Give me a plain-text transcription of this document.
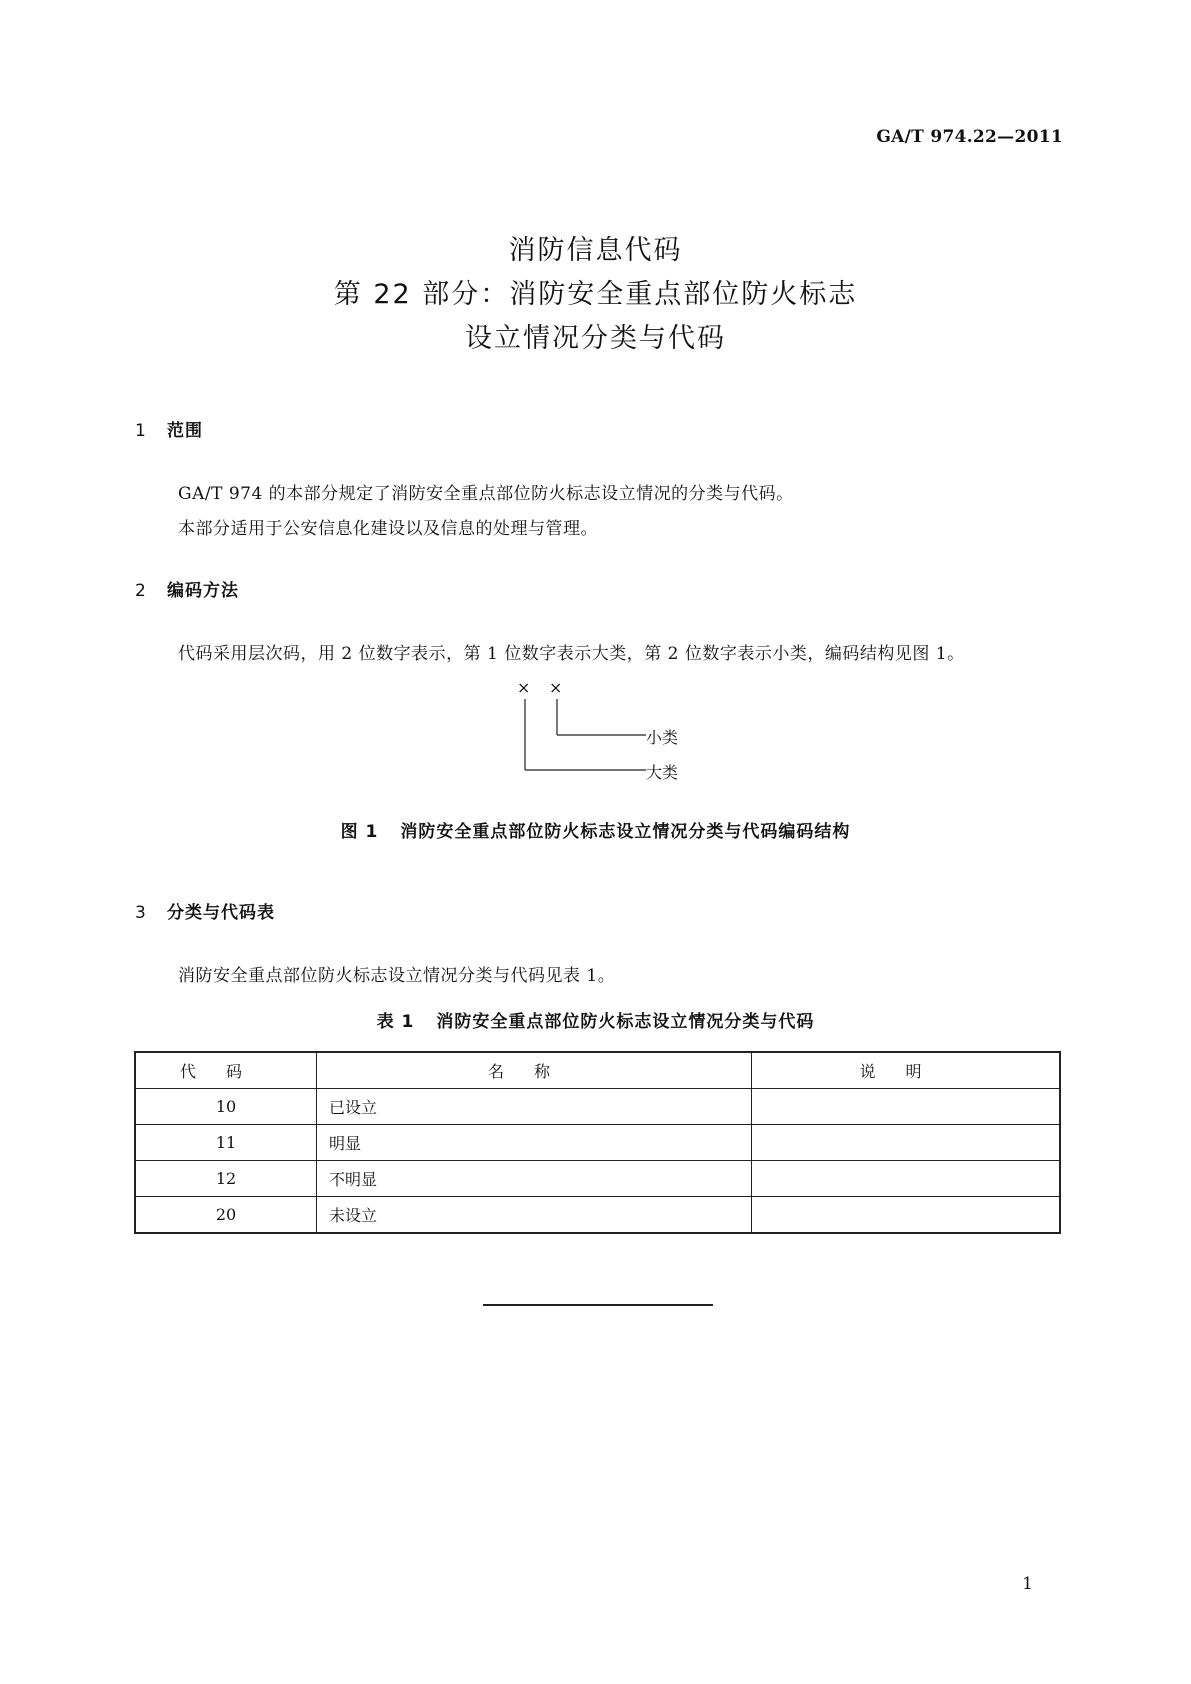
GA/T 974.22—2011
消防信息代码
第 22 部分：消防安全重点部位防火标志
设立情况分类与代码
1 范围
GA/T 974 的本部分规定了消防安全重点部位防火标志设立情况的分类与代码。
本部分适用于公安信息化建设以及信息的处理与管理。
2 编码方法
代码采用层次码，用 2 位数字表示，第 1 位数字表示大类，第 2 位数字表示小类，编码结构见图 1。
× ×
小类
大类
图 1 消防安全重点部位防火标志设立情况分类与代码编码结构
3 分类与代码表
消防安全重点部位防火标志设立情况分类与代码见表 1。
表 1 消防安全重点部位防火标志设立情况分类与代码
代码	名称	说明
10	已设立	
11	明显	
12	不明显	
20	未设立	
1
